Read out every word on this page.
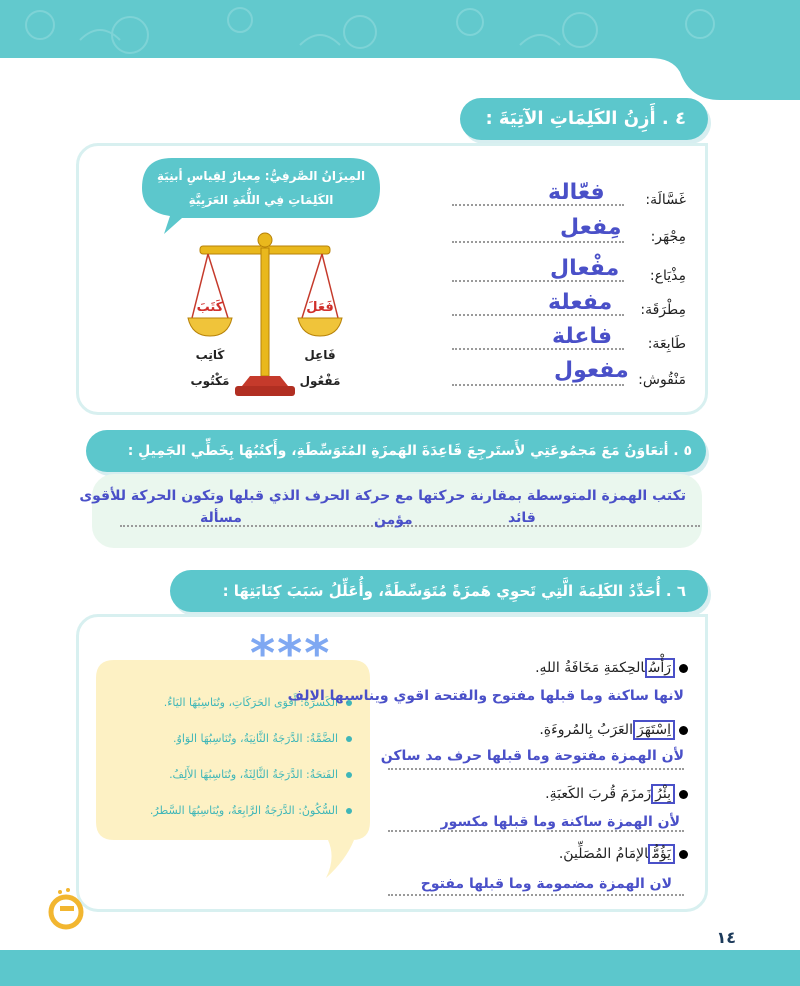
٤ . أَزِنُ الكَلِمَاتِ الآتِيَةَ :
المِيزَانُ الصَّرفِيُّ: مِعيارٌ لِقِياسِ أبنِيَةِ
الكَلِمَاتِ فِي اللُّغَةِ العَرَبِيَّةِ
كَتَبَ	فَعَلَ
كَاتِب
مَكْتُوب
فَاعِل
مَفْعُول
غَسَّالَة:
فعّالة
مِجْهَر:
مِفعل
مِذْيَاع:
مفْعال
مِطْرَقَة:
مفعلة
طَابِعَة:
فاعلة
مَنْقُوش:
مفعول
٥ . أتعَاوَنُ مَعَ مَجمُوعَتِي لأَستَرجِعَ قَاعِدَةَ الهَمزَةِ المُتَوَسِّطَةِ، وأَكتُبُهَا بِخَطِّي الجَمِيلِ :
تكتب الهمزة المتوسطة بمقارنة حركتها مع حركة الحرف الذي قبلها وتكون الحركة للأقوى
قائد
مؤمن
مسألة
٦ . أُحَدِّدُ الكَلِمَةَ الَّتِي تَحوِي هَمزَةً مُتَوَسِّطَةً، وأُعَلِّلُ سَبَبَ كِتَابَتِهَا :
الكَسرَةُ: أَقوَى الحَرَكَاتِ، وتُنَاسِبُهَا اليَاءُ.
الضَّمَّةُ: الدَّرَجَةُ الثَّانِيَةُ، وتُنَاسِبُهَا الوَاوُ.
الفَتحَةُ: الدَّرَجَةُ الثَّالِثَةُ، وتُنَاسِبُهَا الأَلِفُ.
السُّكُونُ: الدَّرَجَةُ الرَّابِعَةُ، ويُنَاسِبُهَا السَّطرُ.
***	رَأْسُالحِكمَةِ مَخَافَةُ اللهِ.
لانها ساكنة وما قبلها مفتوح والفتحة اقوي ويناسبها الالف
اِسْتَهَرَالعَرَبُ بِالمُروءَةِ.
لأن الهمزة مفتوحة وما قبلها حرف مد ساكن
بِئْرُزَمزَمَ قُربَ الكَعبَةِ.
لأن الهمزة ساكنة وما قبلها مكسور
يَؤُمُّالإمَامُ المُصَلِّينَ.
لان الهمزة مضمومة وما قبلها مفتوح
١٤
